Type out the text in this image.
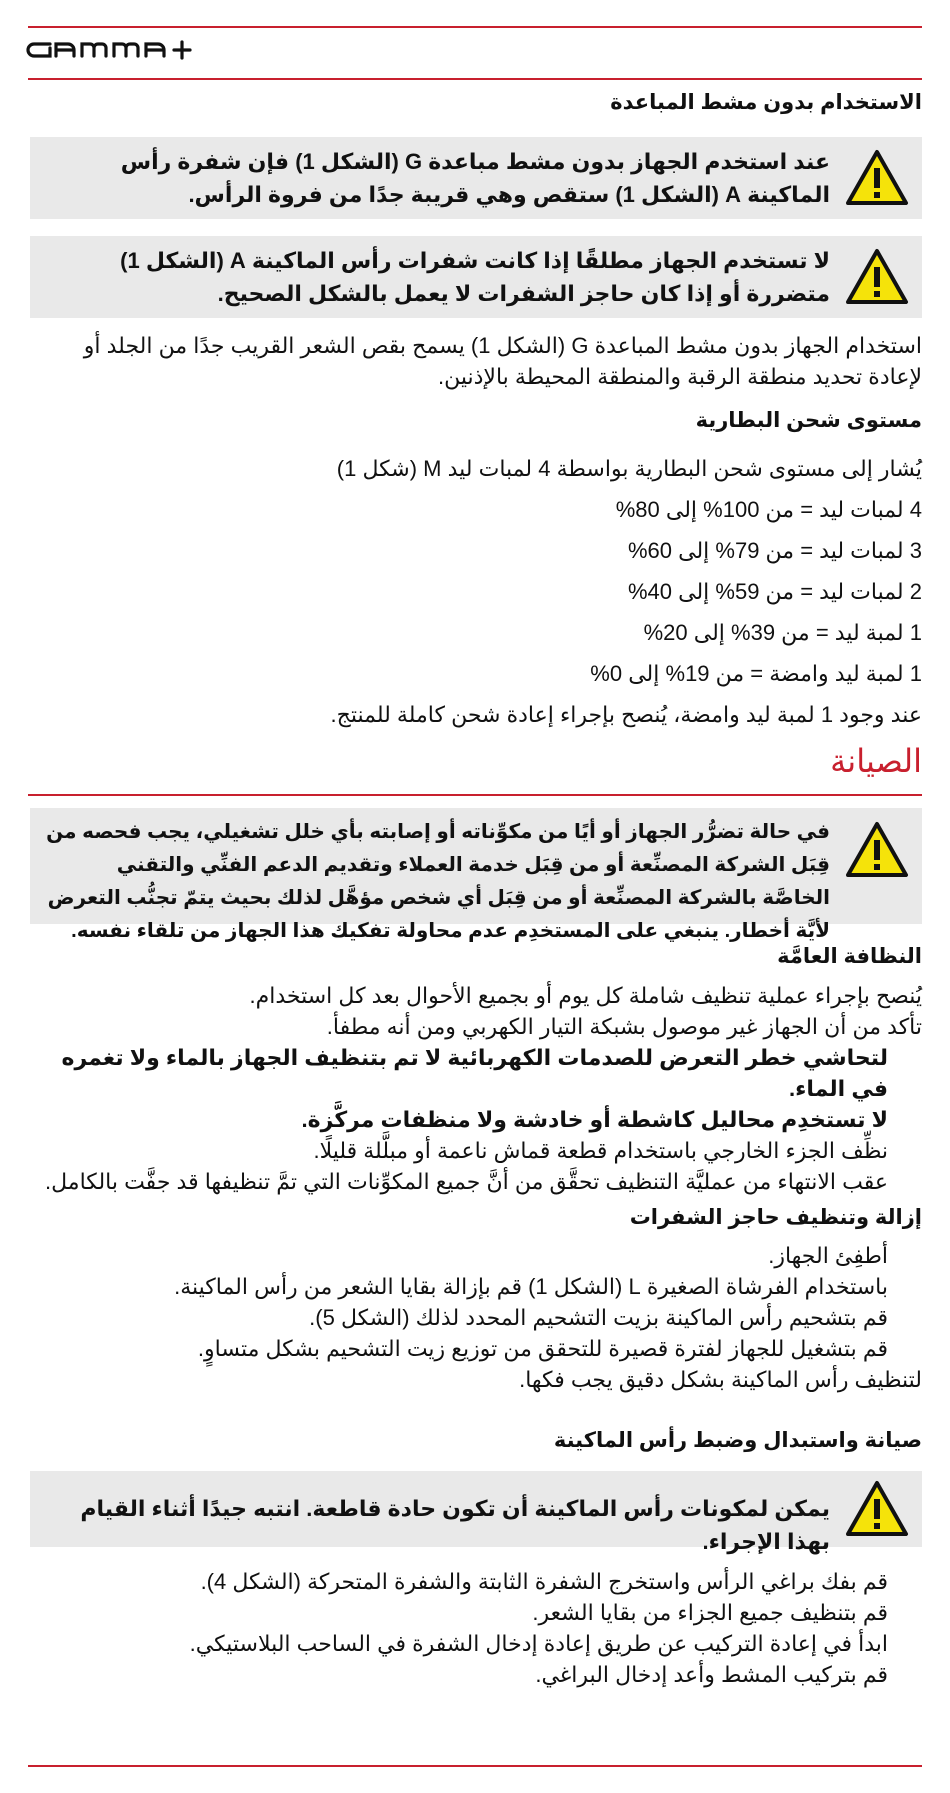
الاستخدام بدون مشط المباعدة
عند استخدم الجهاز بدون مشط مباعدة G (الشكل 1) فإن شفرة رأس الماكينة A (الشكل 1) ستقص وهي قريبة جدًا من فروة الرأس.
لا تستخدم الجهاز مطلقًا إذا كانت شفرات رأس الماكينة A (الشكل 1) متضررة أو إذا كان حاجز الشفرات لا يعمل بالشكل الصحيح.
استخدام الجهاز بدون مشط المباعدة G (الشكل 1) يسمح بقص الشعر القريب جدًا من الجلد أو لإعادة تحديد منطقة الرقبة والمنطقة المحيطة بالإذنين.
مستوى شحن البطارية
يُشار إلى مستوى شحن البطارية بواسطة 4 لمبات ليد M (شكل 1)
4 لمبات ليد = من 100% إلى 80%
3 لمبات ليد = من 79% إلى 60%
2 لمبات ليد = من 59% إلى 40%
1 لمبة ليد = من 39% إلى 20%
1 لمبة ليد وامضة = من 19% إلى 0%
عند وجود 1 لمبة ليد وامضة، يُنصح بإجراء إعادة شحن كاملة للمنتج.
الصيانة
في حالة تضرُّر الجهاز أو أيًا من مكوِّناته أو إصابته بأي خلل تشغيلي، يجب فحصه من قِبَل الشركة المصنِّعة أو من قِبَل خدمة العملاء وتقديم الدعم الفنِّي والتقني الخاصَّة بالشركة المصنِّعة أو من قِبَل أي شخص مؤهَّل لذلك بحيث يتمّ تجنُّب التعرض لأيَّة أخطار. ينبغي على المستخدِم عدم محاولة تفكيك هذا الجهاز من تلقاء نفسه.
النظافة العامَّة
يُنصح بإجراء عملية تنظيف شاملة كل يوم أو بجميع الأحوال بعد كل استخدام.
تأكد من أن الجهاز غير موصول بشبكة التيار الكهربي ومن أنه مطفأ.
لتحاشي خطر التعرض للصدمات الكهربائية لا تم بتنظيف الجهاز بالماء ولا تغمره في الماء.
لا تستخدِم محاليل كاشطة أو خادشة ولا منظفات مركَّزة.
نظِّف الجزء الخارجي باستخدام قطعة قماش ناعمة أو مبلَّلة قليلًا.
عقب الانتهاء من عمليَّة التنظيف تحقَّق من أنَّ جميع المكوِّنات التي تمَّ تنظيفها قد جفَّت بالكامل.
إزالة وتنظيف حاجز الشفرات
أطفِئ الجهاز.
باستخدام الفرشاة الصغيرة L (الشكل 1) قم بإزالة بقايا الشعر من رأس الماكينة.
قم بتشحيم رأس الماكينة بزيت التشحيم المحدد لذلك (الشكل 5).
قم بتشغيل للجهاز لفترة قصيرة للتحقق من توزيع زيت التشحيم بشكل متساوٍ.
لتنظيف رأس الماكينة بشكل دقيق يجب فكها.
صيانة واستبدال وضبط رأس الماكينة
يمكن لمكونات رأس الماكينة أن تكون حادة قاطعة. انتبه جيدًا أثناء القيام بهذا الإجراء.
قم بفك براغي الرأس واستخرج الشفرة الثابتة والشفرة المتحركة (الشكل 4).
قم بتنظيف جميع الجزاء من بقايا الشعر.
ابدأ في إعادة التركيب عن طريق إعادة إدخال الشفرة في الساحب البلاستيكي.
قم بتركيب المشط وأعد إدخال البراغي.
